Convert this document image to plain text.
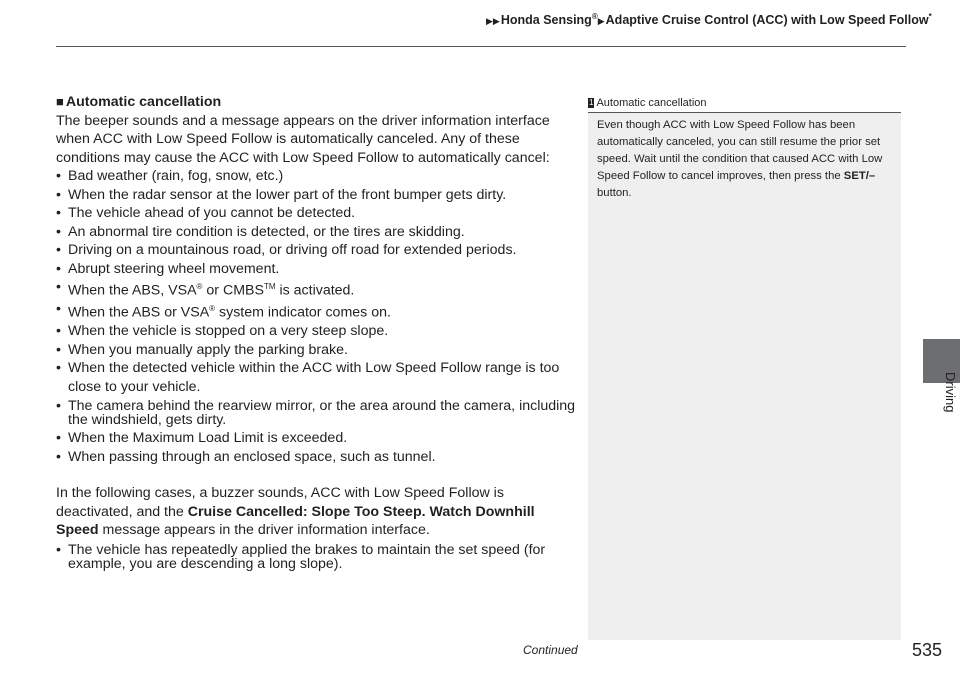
▶▶Honda Sensing®▶Adaptive Cruise Control (ACC) with Low Speed Follow*
■ Automatic cancellation

The beeper sounds and a message appears on the driver information interface when ACC with Low Speed Follow is automatically canceled. Any of these conditions may cause the ACC with Low Speed Follow to automatically cancel:

• Bad weather (rain, fog, snow, etc.)
• When the radar sensor at the lower part of the front bumper gets dirty.
• The vehicle ahead of you cannot be detected.
• An abnormal tire condition is detected, or the tires are skidding.
• Driving on a mountainous road, or driving off road for extended periods.
• Abrupt steering wheel movement.
• When the ABS, VSA® or CMBS™ is activated.
• When the ABS or VSA® system indicator comes on.
• When the vehicle is stopped on a very steep slope.
• When you manually apply the parking brake.
• When the detected vehicle within the ACC with Low Speed Follow range is too close to your vehicle.
• The camera behind the rearview mirror, or the area around the camera, including the windshield, gets dirty.
• When the Maximum Load Limit is exceeded.
• When passing through an enclosed space, such as tunnel.

In the following cases, a buzzer sounds, ACC with Low Speed Follow is deactivated, and the Cruise Cancelled: Slope Too Steep. Watch Downhill Speed message appears in the driver information interface.

• The vehicle has repeatedly applied the brakes to maintain the set speed (for example, you are descending a long slope).
1 Automatic cancellation
Even though ACC with Low Speed Follow has been automatically canceled, you can still resume the prior set speed. Wait until the condition that caused ACC with Low Speed Follow to cancel improves, then press the SET/– button.
Driving
Continued	535
